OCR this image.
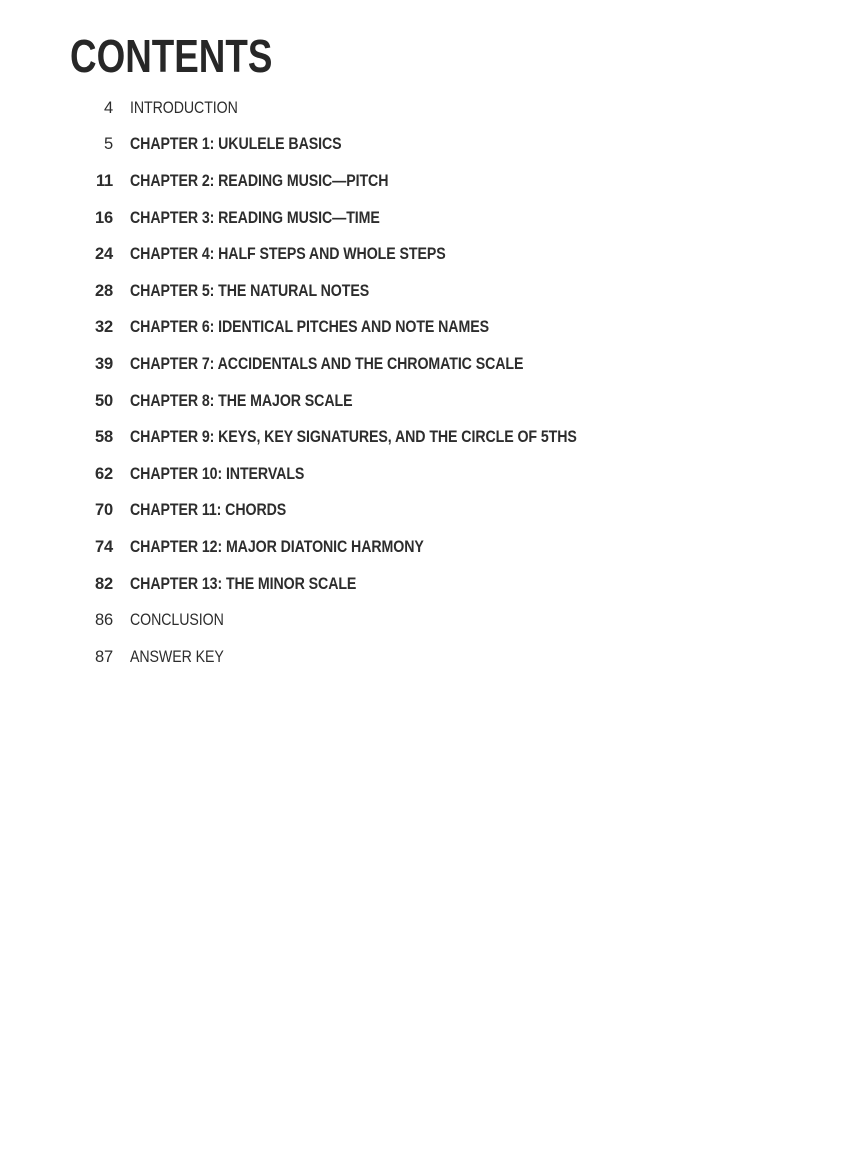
CONTENTS
4 INTRODUCTION
5 CHAPTER 1: UKULELE BASICS
11 CHAPTER 2: READING MUSIC—PITCH
16 CHAPTER 3: READING MUSIC—TIME
24 CHAPTER 4: HALF STEPS AND WHOLE STEPS
28 CHAPTER 5: THE NATURAL NOTES
32 CHAPTER 6: IDENTICAL PITCHES AND NOTE NAMES
39 CHAPTER 7: ACCIDENTALS AND THE CHROMATIC SCALE
50 CHAPTER 8: THE MAJOR SCALE
58 CHAPTER 9: KEYS, KEY SIGNATURES, AND THE CIRCLE OF 5THS
62 CHAPTER 10: INTERVALS
70 CHAPTER 11: CHORDS
74 CHAPTER 12: MAJOR DIATONIC HARMONY
82 CHAPTER 13: THE MINOR SCALE
86 CONCLUSION
87 ANSWER KEY
